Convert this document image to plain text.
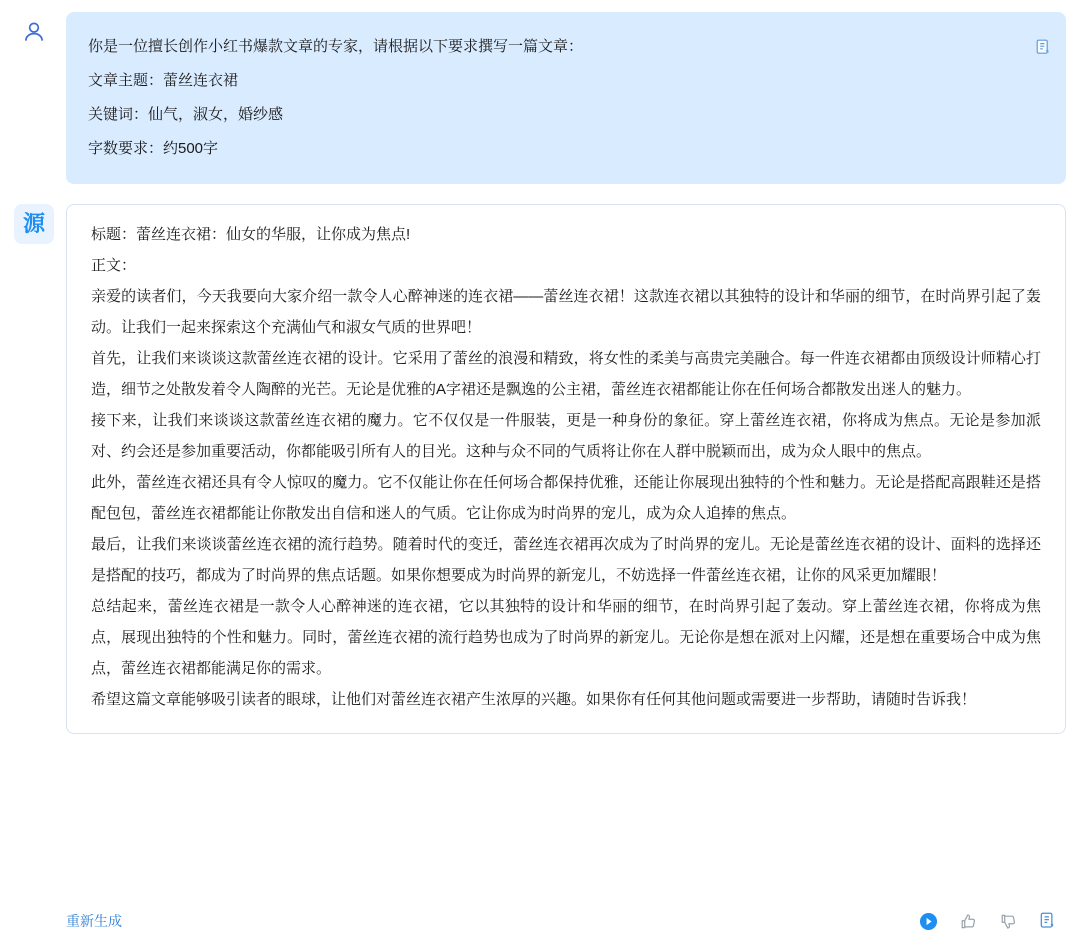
你是一位擅长创作小红书爆款文章的专家，请根据以下要求撰写一篇文章：

文章主题：蕾丝连衣裙

关键词：仙气，淑女，婚纱感

字数要求：约500字

源	标题：蕾丝连衣裙：仙女的华服，让你成为焦点!

正文：

亲爱的读者们，今天我要向大家介绍一款令人心醉神迷的连衣裙——蕾丝连衣裙！这款连衣裙以其独特的设计和华丽的细节，在时尚界引起了轰动。让我们一起来探索这个充满仙气和淑女气质的世界吧！

首先，让我们来谈谈这款蕾丝连衣裙的设计。它采用了蕾丝的浪漫和精致，将女性的柔美与高贵完美融合。每一件连衣裙都由顶级设计师精心打造，细节之处散发着令人陶醉的光芒。无论是优雅的A字裙还是飘逸的公主裙，蕾丝连衣裙都能让你在任何场合都散发出迷人的魅力。

接下来，让我们来谈谈这款蕾丝连衣裙的魔力。它不仅仅是一件服装，更是一种身份的象征。穿上蕾丝连衣裙，你将成为焦点。无论是参加派对、约会还是参加重要活动，你都能吸引所有人的目光。这种与众不同的气质将让你在人群中脱颖而出，成为众人眼中的焦点。

此外，蕾丝连衣裙还具有令人惊叹的魔力。它不仅能让你在任何场合都保持优雅，还能让你展现出独特的个性和魅力。无论是搭配高跟鞋还是搭配包包，蕾丝连衣裙都能让你散发出自信和迷人的气质。它让你成为时尚界的宠儿，成为众人追捧的焦点。

最后，让我们来谈谈蕾丝连衣裙的流行趋势。随着时代的变迁，蕾丝连衣裙再次成为了时尚界的宠儿。无论是蕾丝连衣裙的设计、面料的选择还是搭配的技巧，都成为了时尚界的焦点话题。如果你想要成为时尚界的新宠儿，不妨选择一件蕾丝连衣裙，让你的风采更加耀眼！

总结起来，蕾丝连衣裙是一款令人心醉神迷的连衣裙，它以其独特的设计和华丽的细节，在时尚界引起了轰动。穿上蕾丝连衣裙，你将成为焦点，展现出独特的个性和魅力。同时，蕾丝连衣裙的流行趋势也成为了时尚界的新宠儿。无论你是想在派对上闪耀，还是想在重要场合中成为焦点，蕾丝连衣裙都能满足你的需求。

希望这篇文章能够吸引读者的眼球，让他们对蕾丝连衣裙产生浓厚的兴趣。如果你有任何其他问题或需要进一步帮助，请随时告诉我！

重新生成
